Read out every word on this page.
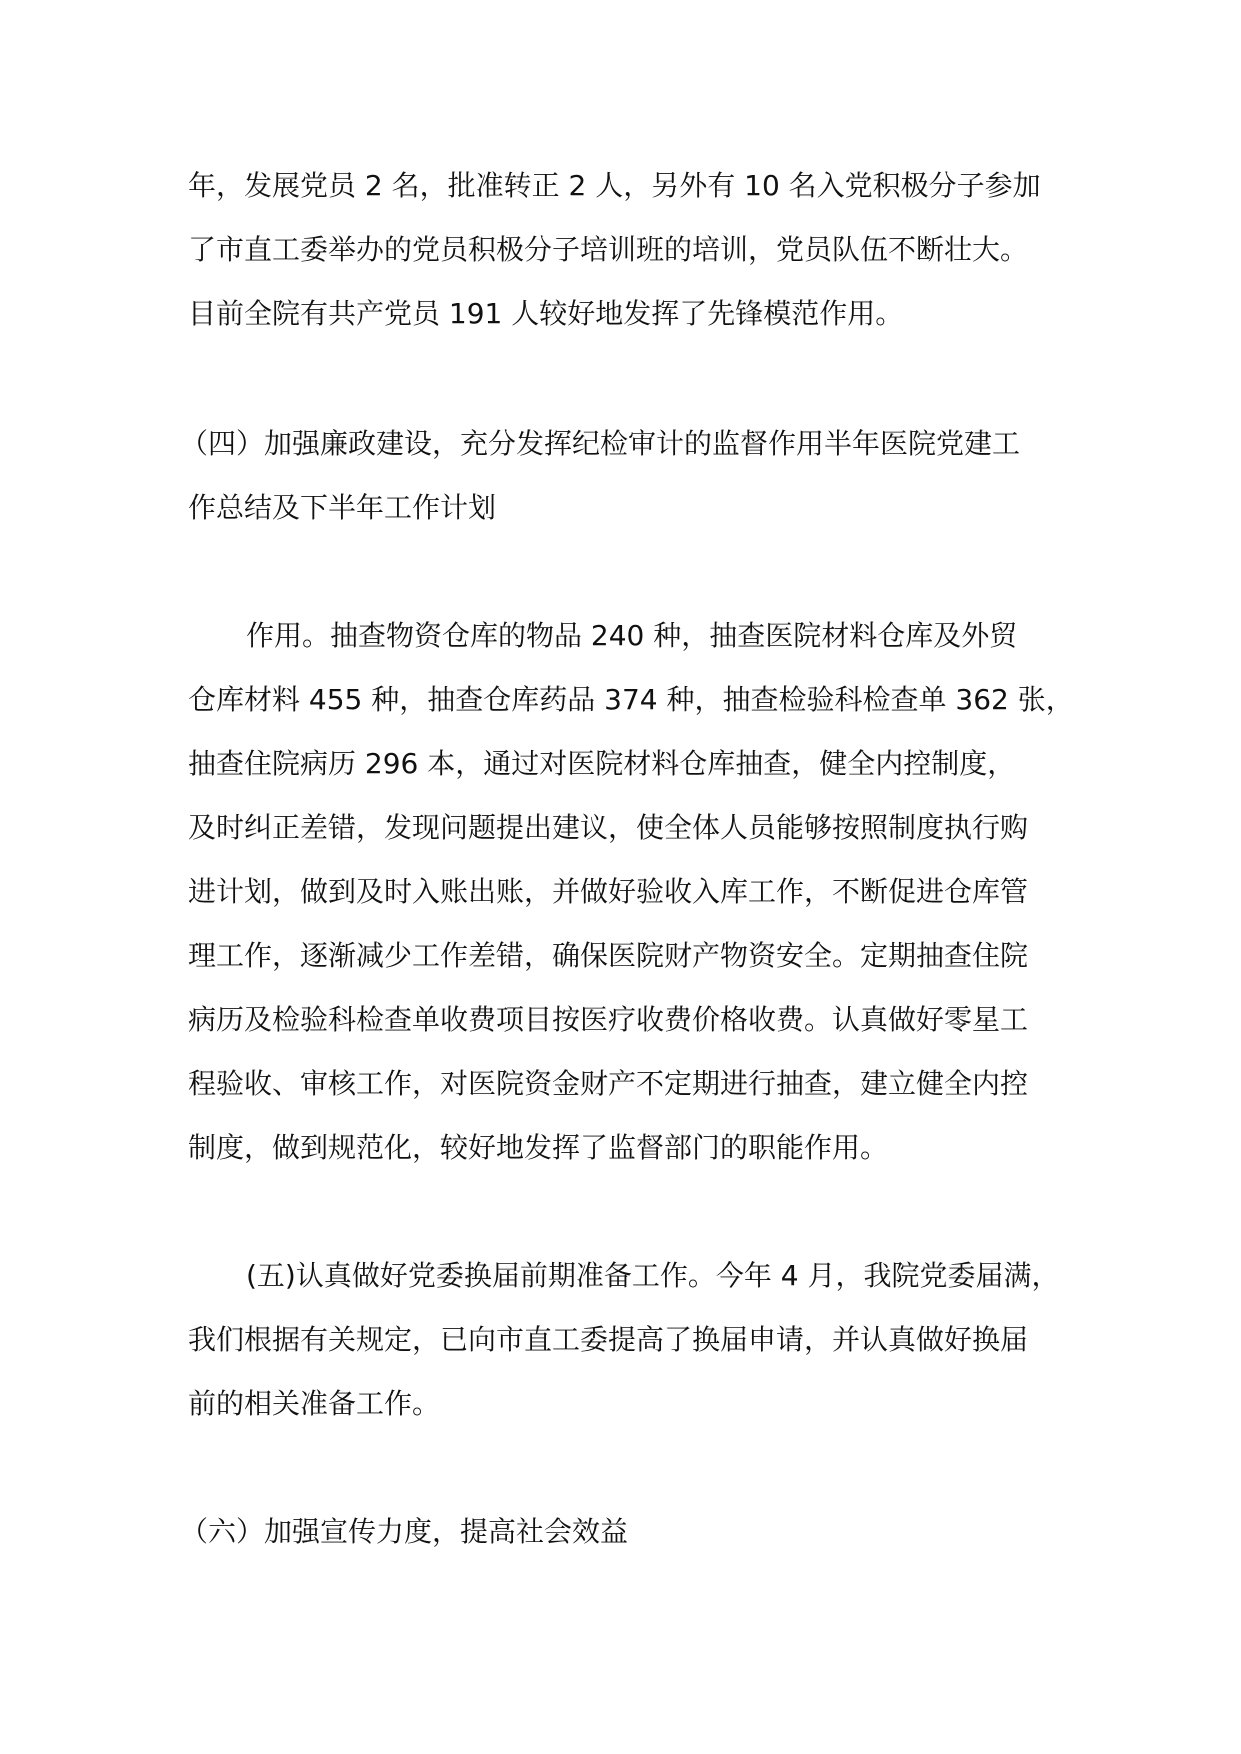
年，发展党员 2 名，批准转正 2 人，另外有 10 名入党积极分子参加

了市直工委举办的党员积极分子培训班的培训，党员队伍不断壮大。

目前全院有共产党员 191 人较好地发挥了先锋模范作用。

（四）加强廉政建设，充分发挥纪检审计的监督作用半年医院党建工

作总结及下半年工作计划

作用。抽查物资仓库的物品 240 种，抽查医院材料仓库及外贸

仓库材料 455 种，抽查仓库药品 374 种，抽查检验科检查单 362 张，

抽查住院病历 296 本，通过对医院材料仓库抽查，健全内控制度，

及时纠正差错，发现问题提出建议，使全体人员能够按照制度执行购

进计划，做到及时入账出账，并做好验收入库工作，不断促进仓库管

理工作，逐渐减少工作差错，确保医院财产物资安全。定期抽查住院

病历及检验科检查单收费项目按医疗收费价格收费。认真做好零星工

程验收、审核工作，对医院资金财产不定期进行抽查，建立健全内控

制度，做到规范化，较好地发挥了监督部门的职能作用。

(五)认真做好党委换届前期准备工作。今年 4 月，我院党委届满，

我们根据有关规定，已向市直工委提高了换届申请，并认真做好换届

前的相关准备工作。

（六）加强宣传力度，提高社会效益
